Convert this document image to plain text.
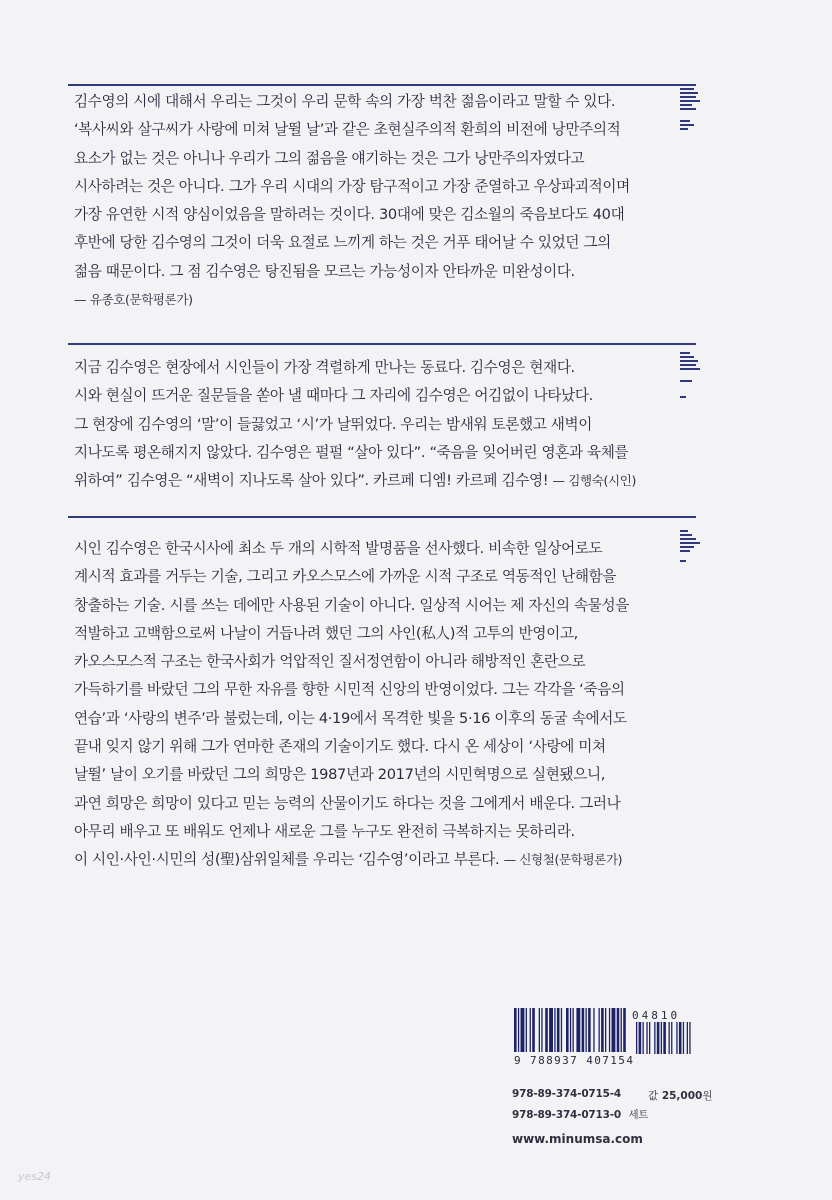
김수영의 시에 대해서 우리는 그것이 우리 문학 속의 가장 벅찬 젊음이라고 말할 수 있다.

‘복사씨와 살구씨가 사랑에 미쳐 날뛸 날’과 같은 초현실주의적 환희의 비전에 낭만주의적

요소가 없는 것은 아니나 우리가 그의 젊음을 얘기하는 것은 그가 낭만주의자였다고

시사하려는 것은 아니다. 그가 우리 시대의 가장 탐구적이고 가장 준열하고 우상파괴적이며

가장 유연한 시적 양심이었음을 말하려는 것이다. 30대에 맞은 김소월의 죽음보다도 40대

후반에 당한 김수영의 그것이 더욱 요절로 느끼게 하는 것은 거푸 태어날 수 있었던 그의

젊음 때문이다. 그 점 김수영은 탕진됨을 모르는 가능성이자 안타까운 미완성이다.

— 유종호(문학평론가)

지금 김수영은 현장에서 시인들이 가장 격렬하게 만나는 동료다. 김수영은 현재다.

시와 현실이 뜨거운 질문들을 쏟아 낼 때마다 그 자리에 김수영은 어김없이 나타났다.

그 현장에 김수영의 ‘말’이 들끓었고 ‘시’가 날뛰었다. 우리는 밤새워 토론했고 새벽이

지나도록 평온해지지 않았다. 김수영은 펄펄 “살아 있다”. “죽음을 잊어버린 영혼과 육체를

위하여” 김수영은 “새벽이 지나도록 살아 있다”. 카르페 디엠! 카르페 김수영! — 김행숙(시인)

시인 김수영은 한국시사에 최소 두 개의 시학적 발명품을 선사했다. 비속한 일상어로도

계시적 효과를 거두는 기술, 그리고 카오스모스에 가까운 시적 구조로 역동적인 난해함을

창출하는 기술. 시를 쓰는 데에만 사용된 기술이 아니다. 일상적 시어는 제 자신의 속물성을

적발하고 고백함으로써 나날이 거듭나려 했던 그의 사인(私人)적 고투의 반영이고,

카오스모스적 구조는 한국사회가 억압적인 질서정연함이 아니라 해방적인 혼란으로

가득하기를 바랐던 그의 무한 자유를 향한 시민적 신앙의 반영이었다. 그는 각각을 ‘죽음의

연습’과 ‘사랑의 변주’라 불렀는데, 이는 4·19에서 목격한 빛을 5·16 이후의 동굴 속에서도

끝내 잊지 않기 위해 그가 연마한 존재의 기술이기도 했다. 다시 온 세상이 ‘사랑에 미쳐

날뛸’ 날이 오기를 바랐던 그의 희망은 1987년과 2017년의 시민혁명으로 실현됐으니,

과연 희망은 희망이 있다고 믿는 능력의 산물이기도 하다는 것을 그에게서 배운다. 그러나

아무리 배우고 또 배워도 언제나 새로운 그를 누구도 완전히 극복하지는 못하리라.

이 시인·사인·시민의 성(聖)삼위일체를 우리는 ‘김수영’이라고 부른다. — 신형철(문학평론가)

04810
9 788937 407154
978-89-374-0715-4
978-89-374-0713-0 세트
값 25,000원
www.minumsa.com
yes24
